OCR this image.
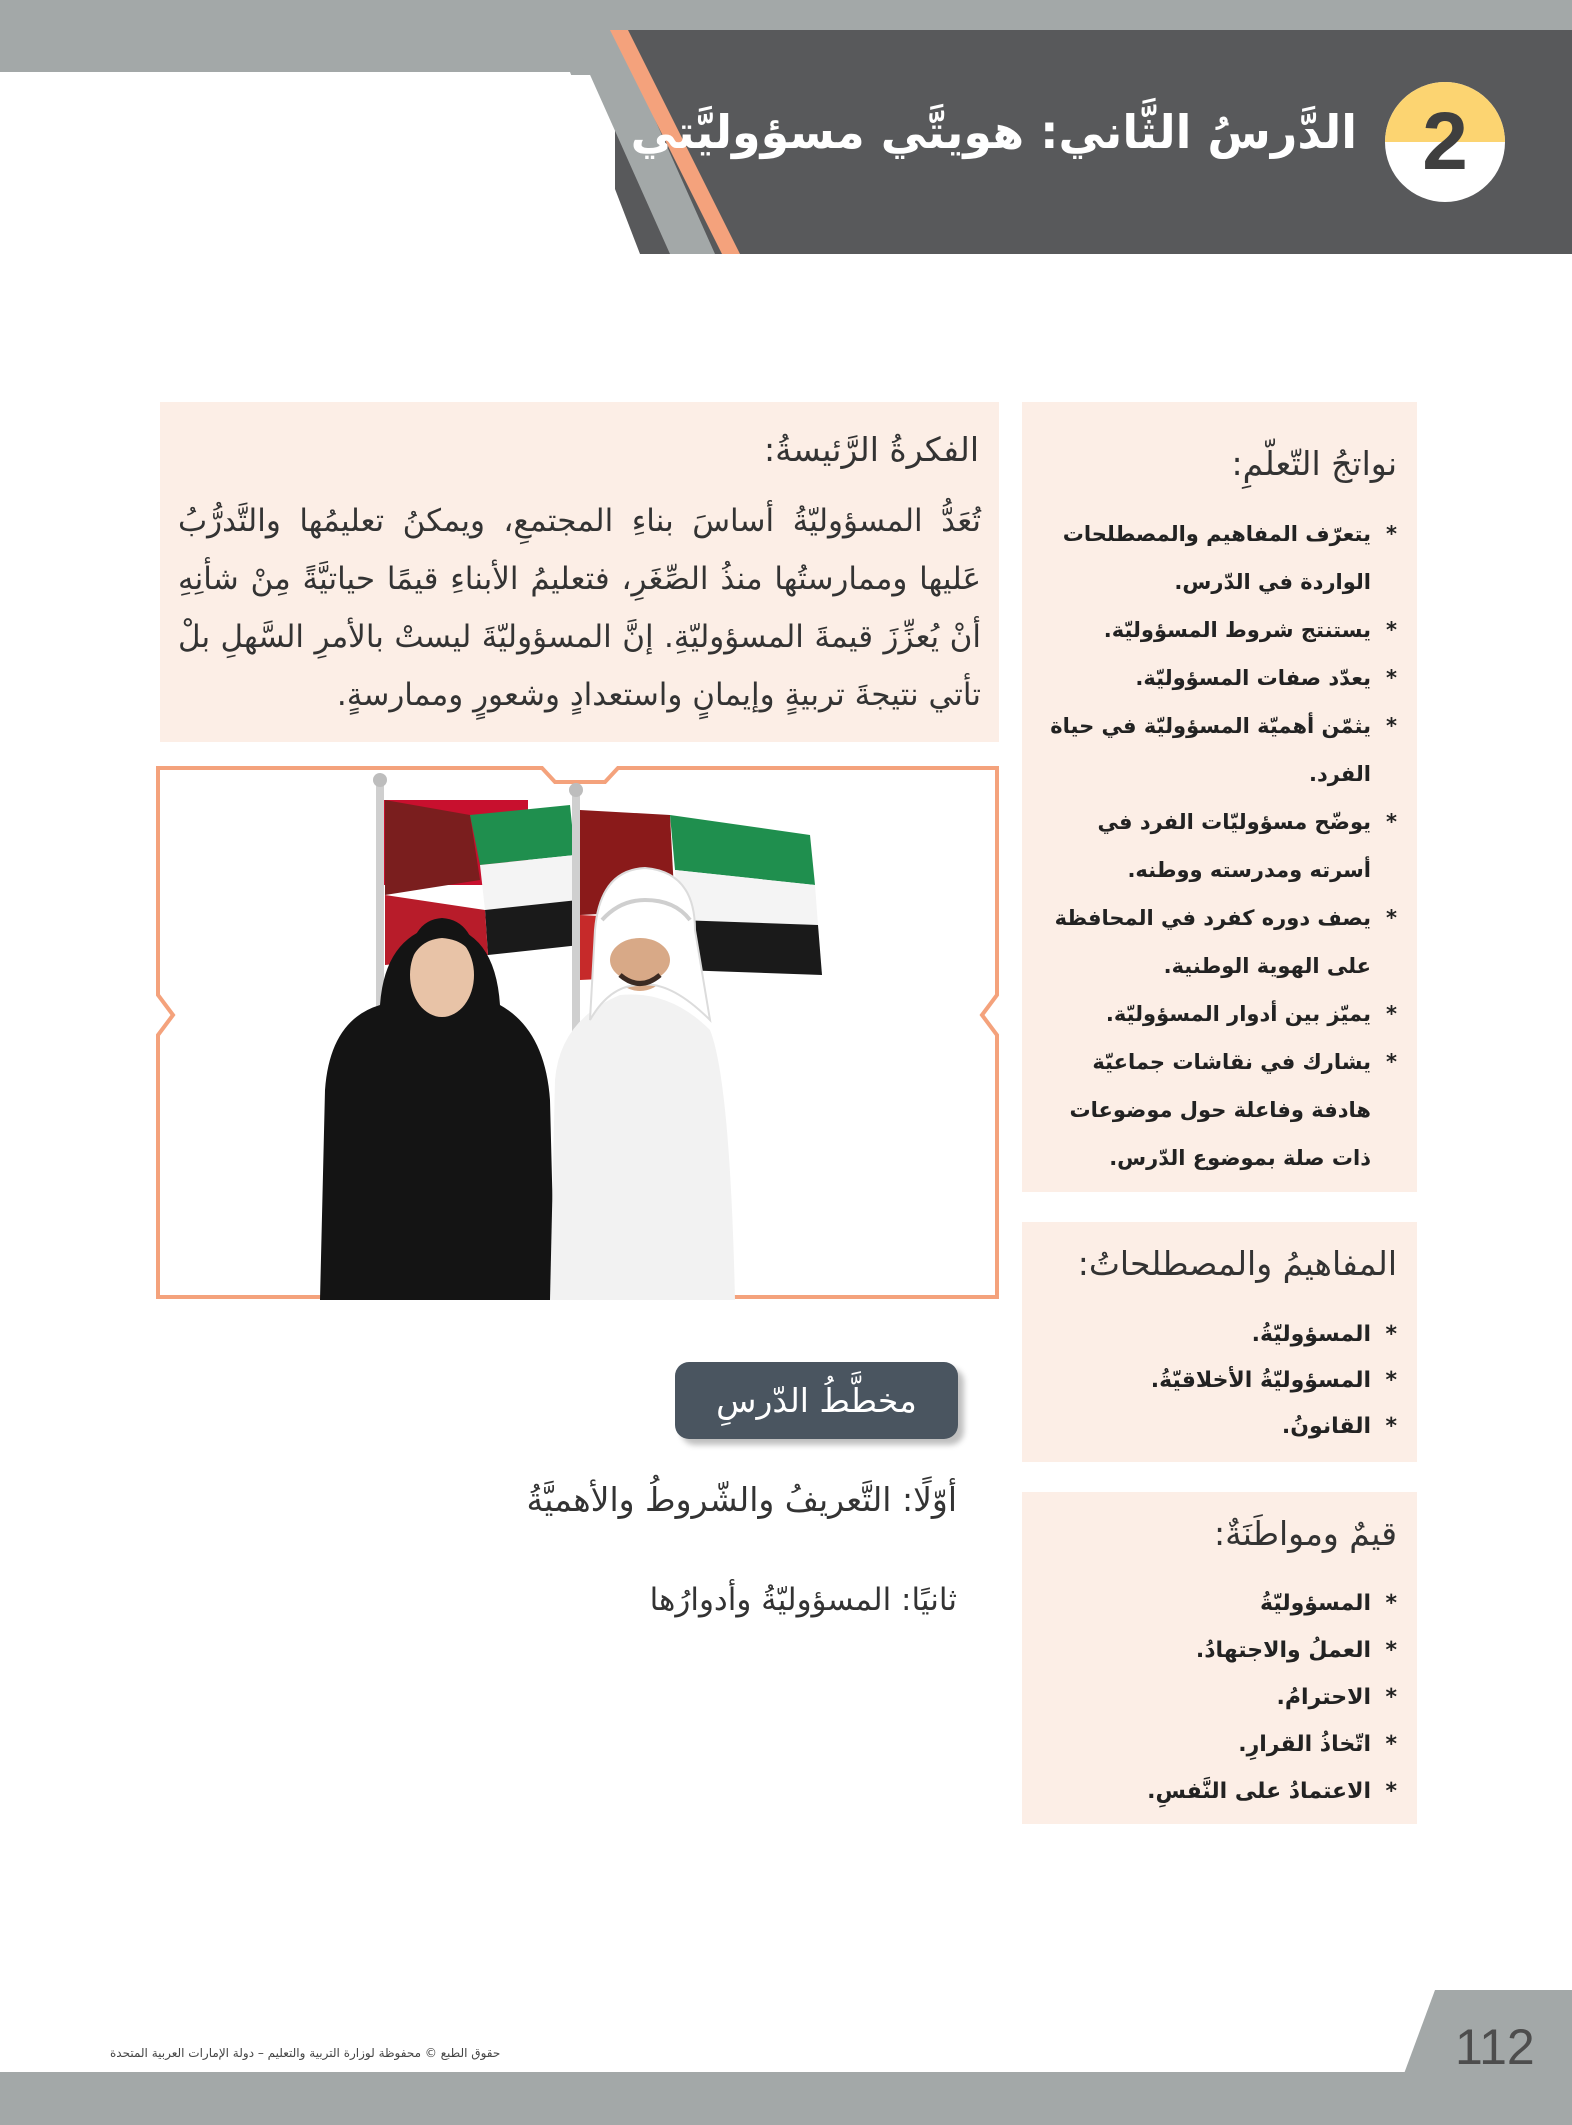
الدَّرسُ الثَّاني: هويتَّي مسؤوليَّتي 2
الفكرةُ الرَّئيسةُ:
تُعَدُّ المسؤوليّةُ أساسَ بناءِ المجتمعِ، ويمكنُ تعليمُها والتَّدرُّبُ عَليها وممارستُها منذُ الصِّغَرِ، فتعليمُ الأبناءِ قيمًا حياتيَّةً مِنْ شأنِهِ أنْ يُعزِّزَ قيمةَ المسؤوليّةِ. إنَّ المسؤوليّةَ ليستْ بالأمرِ السَّهلِ بلْ تأتي نتيجةَ تربيةٍ وإيمانٍ واستعدادٍ وشعورٍ وممارسةٍ.
نواتجُ التّعلّمِ:
*
يتعرّف المفاهيم والمصطلحات الواردة في الدّرس.
*
يستنتج شروط المسؤوليّة.
*
يعدّد صفات المسؤوليّة.
*
يثمّن أهميّة المسؤوليّة في حياة الفرد.
*
يوضّح مسؤوليّات الفرد في أسرته ومدرسته ووطنه.
*
يصف دوره كفرد في المحافظة على الهوية الوطنية.
*
يميّز بين أدوار المسؤوليّة.
*
يشارك في نقاشات جماعيّة هادفة وفاعلة حول موضوعات ذات صلة بموضوع الدّرس.
المفاهيمُ والمصطلحاتُ:
*
المسؤوليّةُ.
*
المسؤوليّةُ الأخلاقيّةُ.
*
القانونُ.
قيمٌ ومواطَنَةٌ:
*
المسؤوليّةُ
*
العملُ والاجتهادُ.
*
الاحترامُ.
*
اتّخاذُ القرارِ.
*
الاعتمادُ على النَّفسِ.
مخطَّطُ الدّرسِ
أوّلًا: التَّعريفُ والشّروطُ والأهميَّةُ
ثانيًا: المسؤوليّةُ وأدوارُها
112
حقوق الطبع © محفوظة لوزارة التربية والتعليم – دولة الإمارات العربية المتحدة
